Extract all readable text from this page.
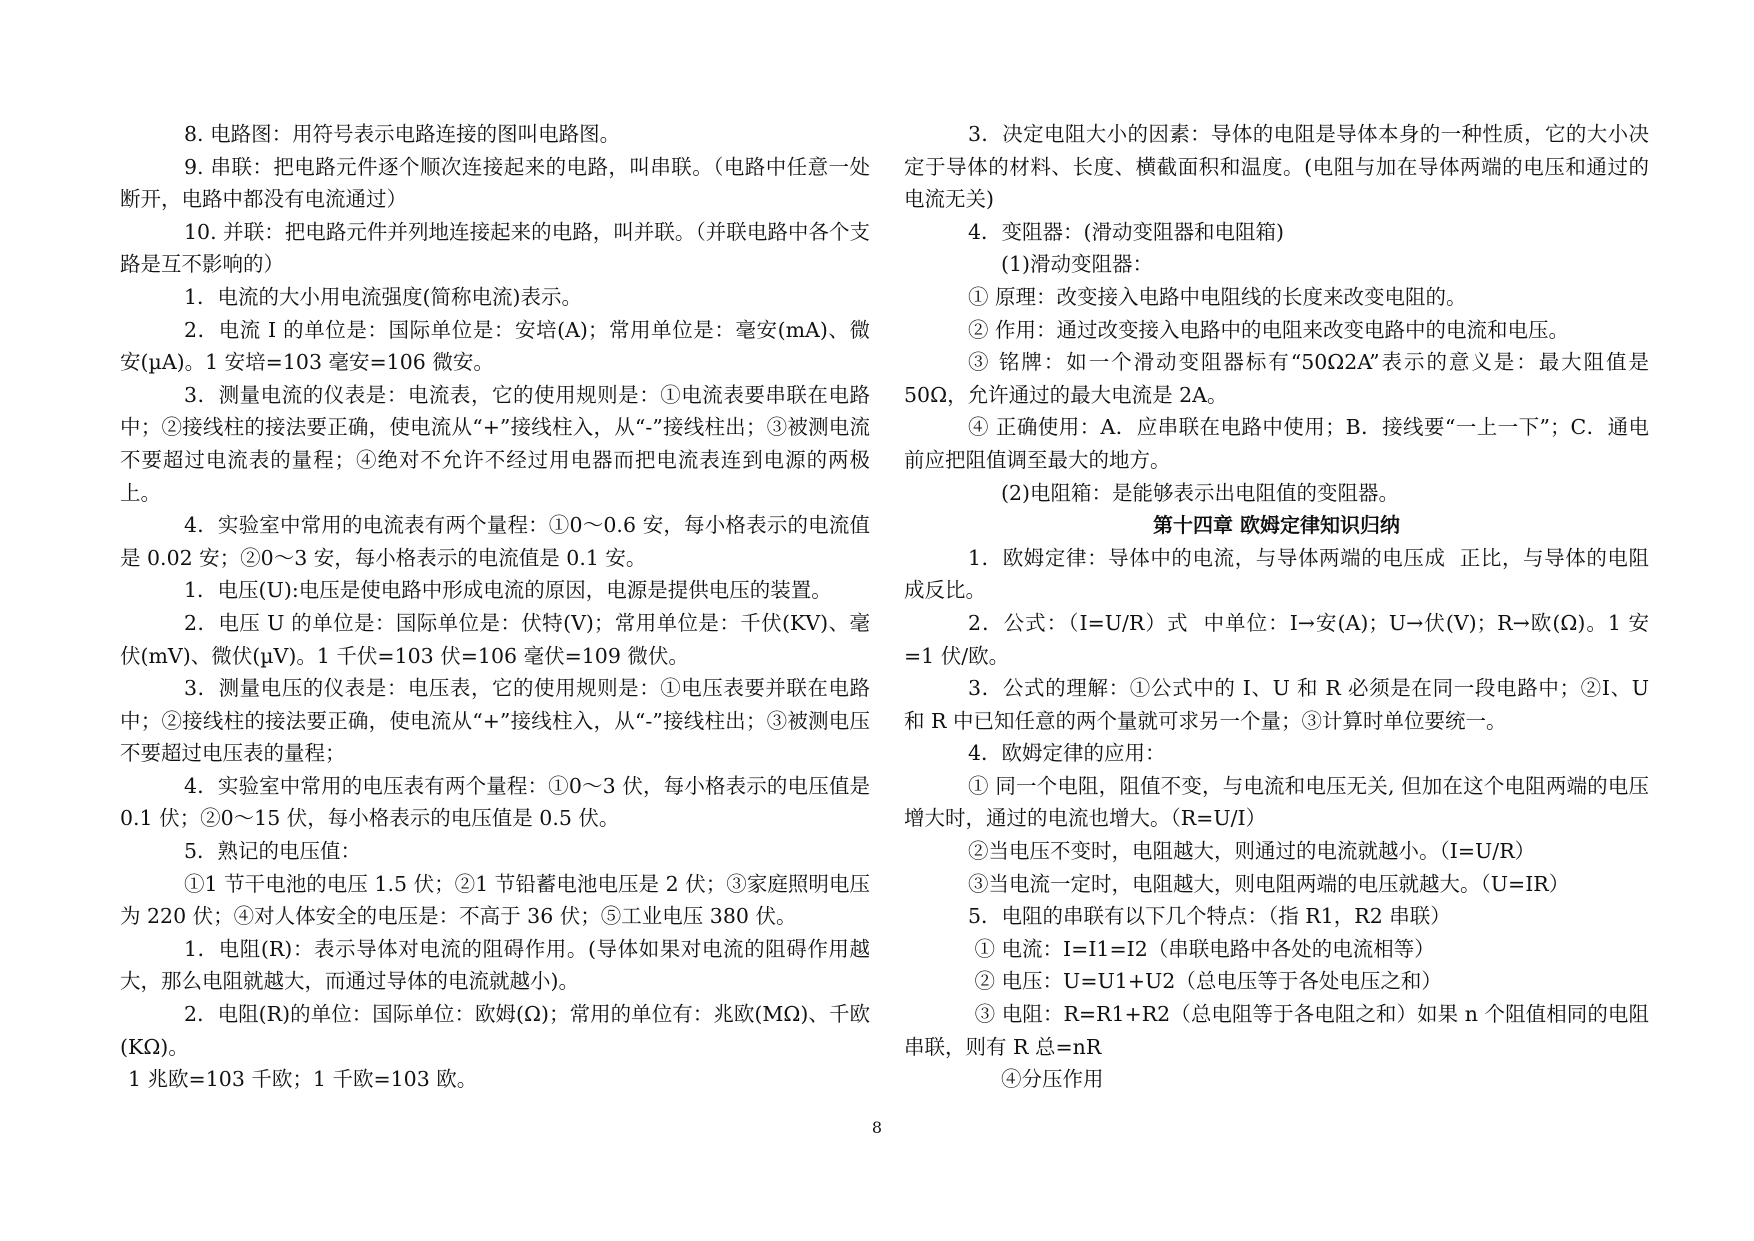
8. 电路图：用符号表示电路连接的图叫电路图。

9. 串联：把电路元件逐个顺次连接起来的电路，叫串联。（电路中任意一处断开，电路中都没有电流通过）

10. 并联：把电路元件并列地连接起来的电路，叫并联。（并联电路中各个支路是互不影响的）

1．电流的大小用电流强度(简称电流)表示。

2．电流 I 的单位是：国际单位是：安培(A)；常用单位是：毫安(mA)、微安(µA)。1 安培=103 毫安=106 微安。

3．测量电流的仪表是：电流表，它的使用规则是：①电流表要串联在电路中；②接线柱的接法要正确，使电流从“+”接线柱入，从“-”接线柱出；③被测电流不要超过电流表的量程；④绝对不允许不经过用电器而把电流表连到电源的两极上。

4．实验室中常用的电流表有两个量程：①0～0.6 安，每小格表示的电流值是 0.02 安；②0～3 安，每小格表示的电流值是 0.1 安。

1．电压(U):电压是使电路中形成电流的原因，电源是提供电压的装置。

2．电压 U 的单位是：国际单位是：伏特(V)；常用单位是：千伏(KV)、毫伏(mV)、微伏(µV)。1 千伏=103 伏=106 毫伏=109 微伏。

3．测量电压的仪表是：电压表，它的使用规则是：①电压表要并联在电路中；②接线柱的接法要正确，使电流从“+”接线柱入，从“-”接线柱出；③被测电压不要超过电压表的量程；

4．实验室中常用的电压表有两个量程：①0～3 伏，每小格表示的电压值是 0.1 伏；②0～15 伏，每小格表示的电压值是 0.5 伏。

5．熟记的电压值：

①1 节干电池的电压 1.5 伏；②1 节铅蓄电池电压是 2 伏；③家庭照明电压为 220 伏；④对人体安全的电压是：不高于 36 伏；⑤工业电压 380 伏。

1．电阻(R)：表示导体对电流的阻碍作用。(导体如果对电流的阻碍作用越大，那么电阻就越大，而通过导体的电流就越小)。

2．电阻(R)的单位：国际单位：欧姆(Ω)；常用的单位有：兆欧(MΩ)、千欧(KΩ)。

1 兆欧=103 千欧；1 千欧=103 欧。

3．决定电阻大小的因素：导体的电阻是导体本身的一种性质，它的大小决定于导体的材料、长度、横截面积和温度。(电阻与加在导体两端的电压和通过的电流无关)

4．变阻器：(滑动变阻器和电阻箱)

(1)滑动变阻器：

① 原理：改变接入电路中电阻线的长度来改变电阻的。

② 作用：通过改变接入电路中的电阻来改变电路中的电流和电压。

③ 铭牌：如一个滑动变阻器标有“50Ω2A”表示的意义是：最大阻值是 50Ω，允许通过的最大电流是 2A。

④ 正确使用：A．应串联在电路中使用；B．接线要“一上一下”；C．通电前应把阻值调至最大的地方。

(2)电阻箱：是能够表示出电阻值的变阻器。

第十四章 欧姆定律知识归纳

1．欧姆定律：导体中的电流，与导体两端的电压成  正比，与导体的电阻成反比。

2．公式：（I=U/R）式  中单位：I→安(A)；U→伏(V)；R→欧(Ω)。1 安=1 伏/欧。

3．公式的理解：①公式中的 I、U 和 R 必须是在同一段电路中；②I、U 和 R 中已知任意的两个量就可求另一个量；③计算时单位要统一。

4．欧姆定律的应用：

① 同一个电阻，阻值不变，与电流和电压无关, 但加在这个电阻两端的电压增大时，通过的电流也增大。（R=U/I）

②当电压不变时，电阻越大，则通过的电流就越小。（I=U/R）

③当电流一定时，电阻越大，则电阻两端的电压就越大。（U=IR）

5．电阻的串联有以下几个特点：（指 R1，R2 串联）

① 电流：I=I1=I2（串联电路中各处的电流相等）

② 电压：U=U1+U2（总电压等于各处电压之和）

③ 电阻：R=R1+R2（总电阻等于各电阻之和）如果 n 个阻值相同的电阻串联，则有 R 总=nR

④分压作用

8
